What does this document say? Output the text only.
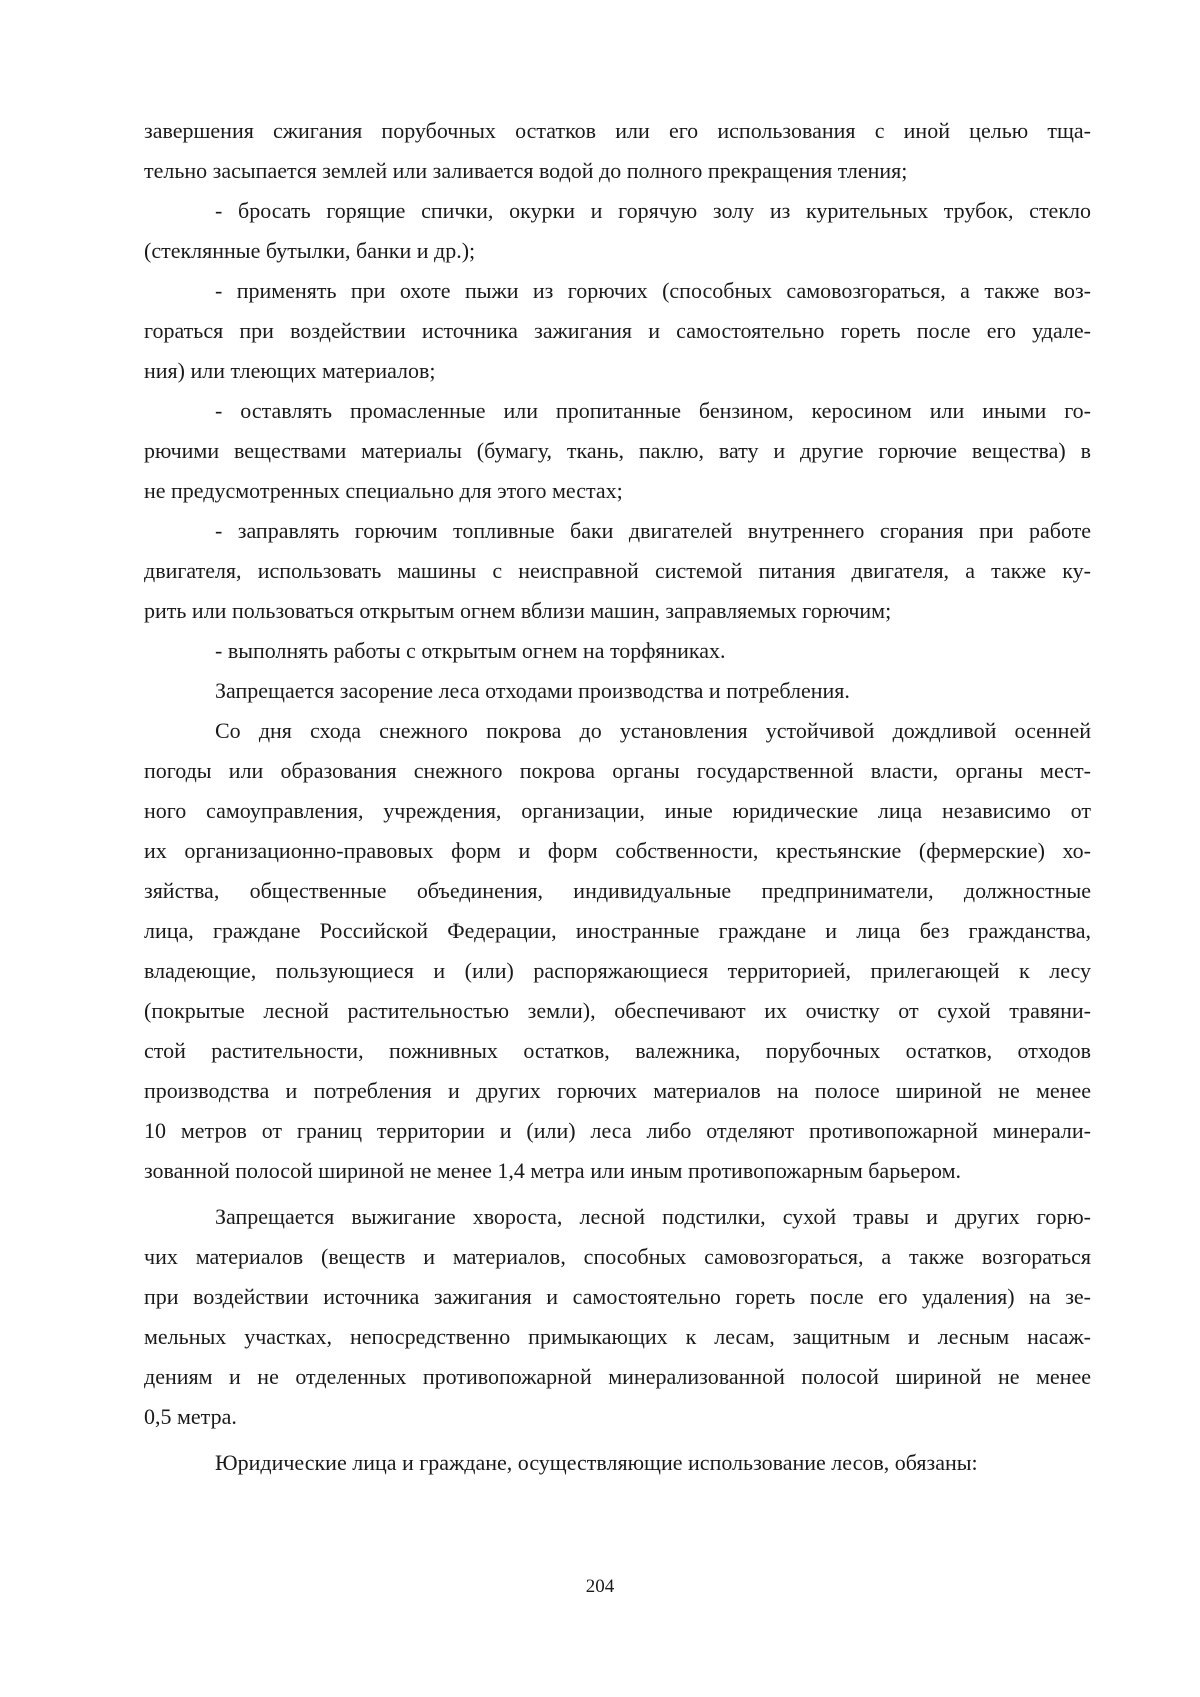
завершения сжигания порубочных остатков или его использования с иной целью тща-
тельно засыпается землей или заливается водой до полного прекращения тления;
- бросать горящие спички, окурки и горячую золу из курительных трубок, стекло
(стеклянные бутылки, банки и др.);
- применять при охоте пыжи из горючих (способных самовозгораться, а также воз-
гораться при воздействии источника зажигания и самостоятельно гореть после его удале-
ния) или тлеющих материалов;
- оставлять промасленные или пропитанные бензином, керосином или иными го-
рючими веществами материалы (бумагу, ткань, паклю, вату и другие горючие вещества) в
не предусмотренных специально для этого местах;
- заправлять горючим топливные баки двигателей внутреннего сгорания при работе
двигателя, использовать машины с неисправной системой питания двигателя, а также ку-
рить или пользоваться открытым огнем вблизи машин, заправляемых горючим;
- выполнять работы с открытым огнем на торфяниках.
Запрещается засорение леса отходами производства и потребления.
Со дня схода снежного покрова до установления устойчивой дождливой осенней
погоды или образования снежного покрова органы государственной власти, органы мест-
ного самоуправления, учреждения, организации, иные юридические лица независимо от
их организационно-правовых форм и форм собственности, крестьянские (фермерские) хо-
зяйства, общественные объединения, индивидуальные предприниматели, должностные
лица, граждане Российской Федерации, иностранные граждане и лица без гражданства,
владеющие, пользующиеся и (или) распоряжающиеся территорией, прилегающей к лесу
(покрытые лесной растительностью земли), обеспечивают их очистку от сухой травяни-
стой растительности, пожнивных остатков, валежника, порубочных остатков, отходов
производства и потребления и других горючих материалов на полосе шириной не менее
10 метров от границ территории и (или) леса либо отделяют противопожарной минерали-
зованной полосой шириной не менее 1,4 метра или иным противопожарным барьером.
Запрещается выжигание хвороста, лесной подстилки, сухой травы и других горю-
чих материалов (веществ и материалов, способных самовозгораться, а также возгораться
при воздействии источника зажигания и самостоятельно гореть после его удаления) на зе-
мельных участках, непосредственно примыкающих к лесам, защитным и лесным насаж-
дениям и не отделенных противопожарной минерализованной полосой шириной не менее
0,5 метра.
Юридические лица и граждане, осуществляющие использование лесов, обязаны:
204
